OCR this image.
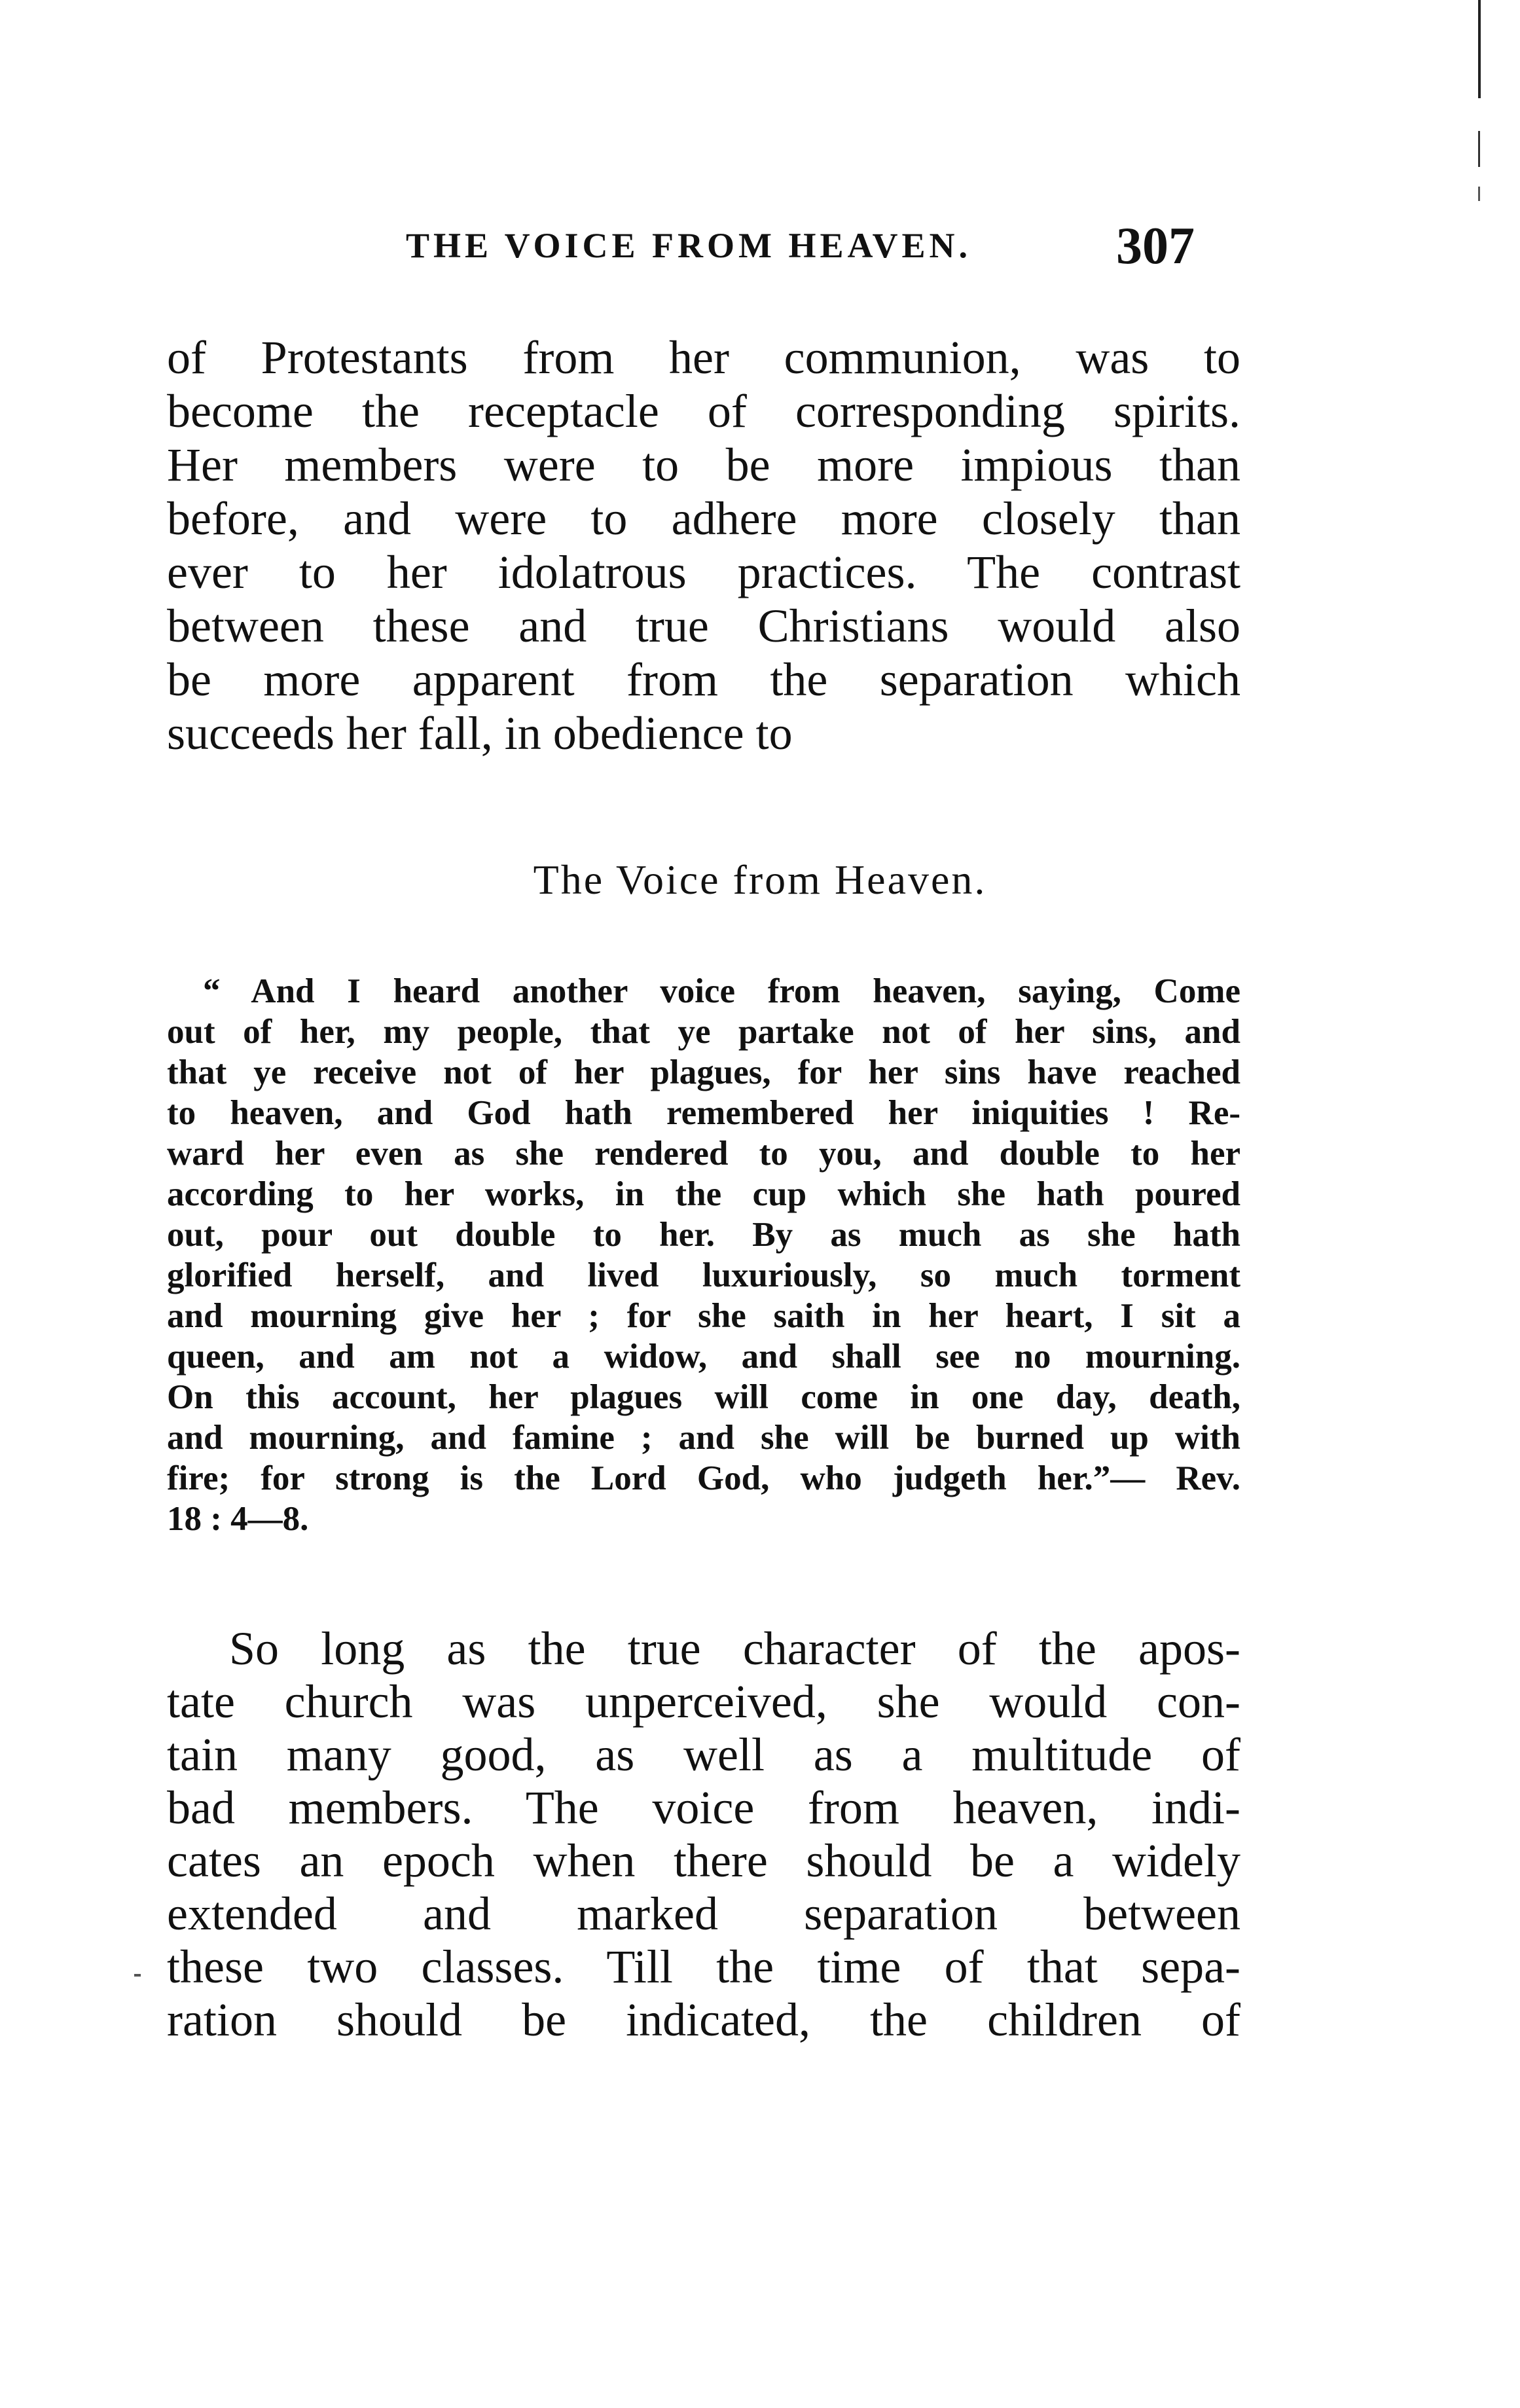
THE VOICE FROM HEAVEN.	307

of Protestants from her communion, was to
become the receptacle of corresponding spirits.
Her members were to be more impious than
before, and were to adhere more closely than
ever to her idolatrous practices. The contrast
between these and true Christians would also
be more apparent from the separation which
succeeds her fall, in obedience to

The Voice from Heaven.

“ And I heard another voice from heaven, saying, Come
out of her, my people, that ye partake not of her sins, and
that ye receive not of her plagues, for her sins have reached
to heaven, and God hath remembered her iniquities ! Re-
ward her even as she rendered to you, and double to her
according to her works, in the cup which she hath poured
out, pour out double to her. By as much as she hath
glorified herself, and lived luxuriously, so much torment
and mourning give her ; for she saith in her heart, I sit a
queen, and am not a widow, and shall see no mourning.
On this account, her plagues will come in one day, death,
and mourning, and famine ; and she will be burned up with
fire; for strong is the Lord God, who judgeth her.”— Rev.
18 : 4—8.

So long as the true character of the apos-
tate church was unperceived, she would con-
tain many good, as well as a multitude of
bad members. The voice from heaven, indi-
cates an epoch when there should be a widely
extended and marked separation between
these two classes. Till the time of that sepa-
ration should be indicated, the children of
